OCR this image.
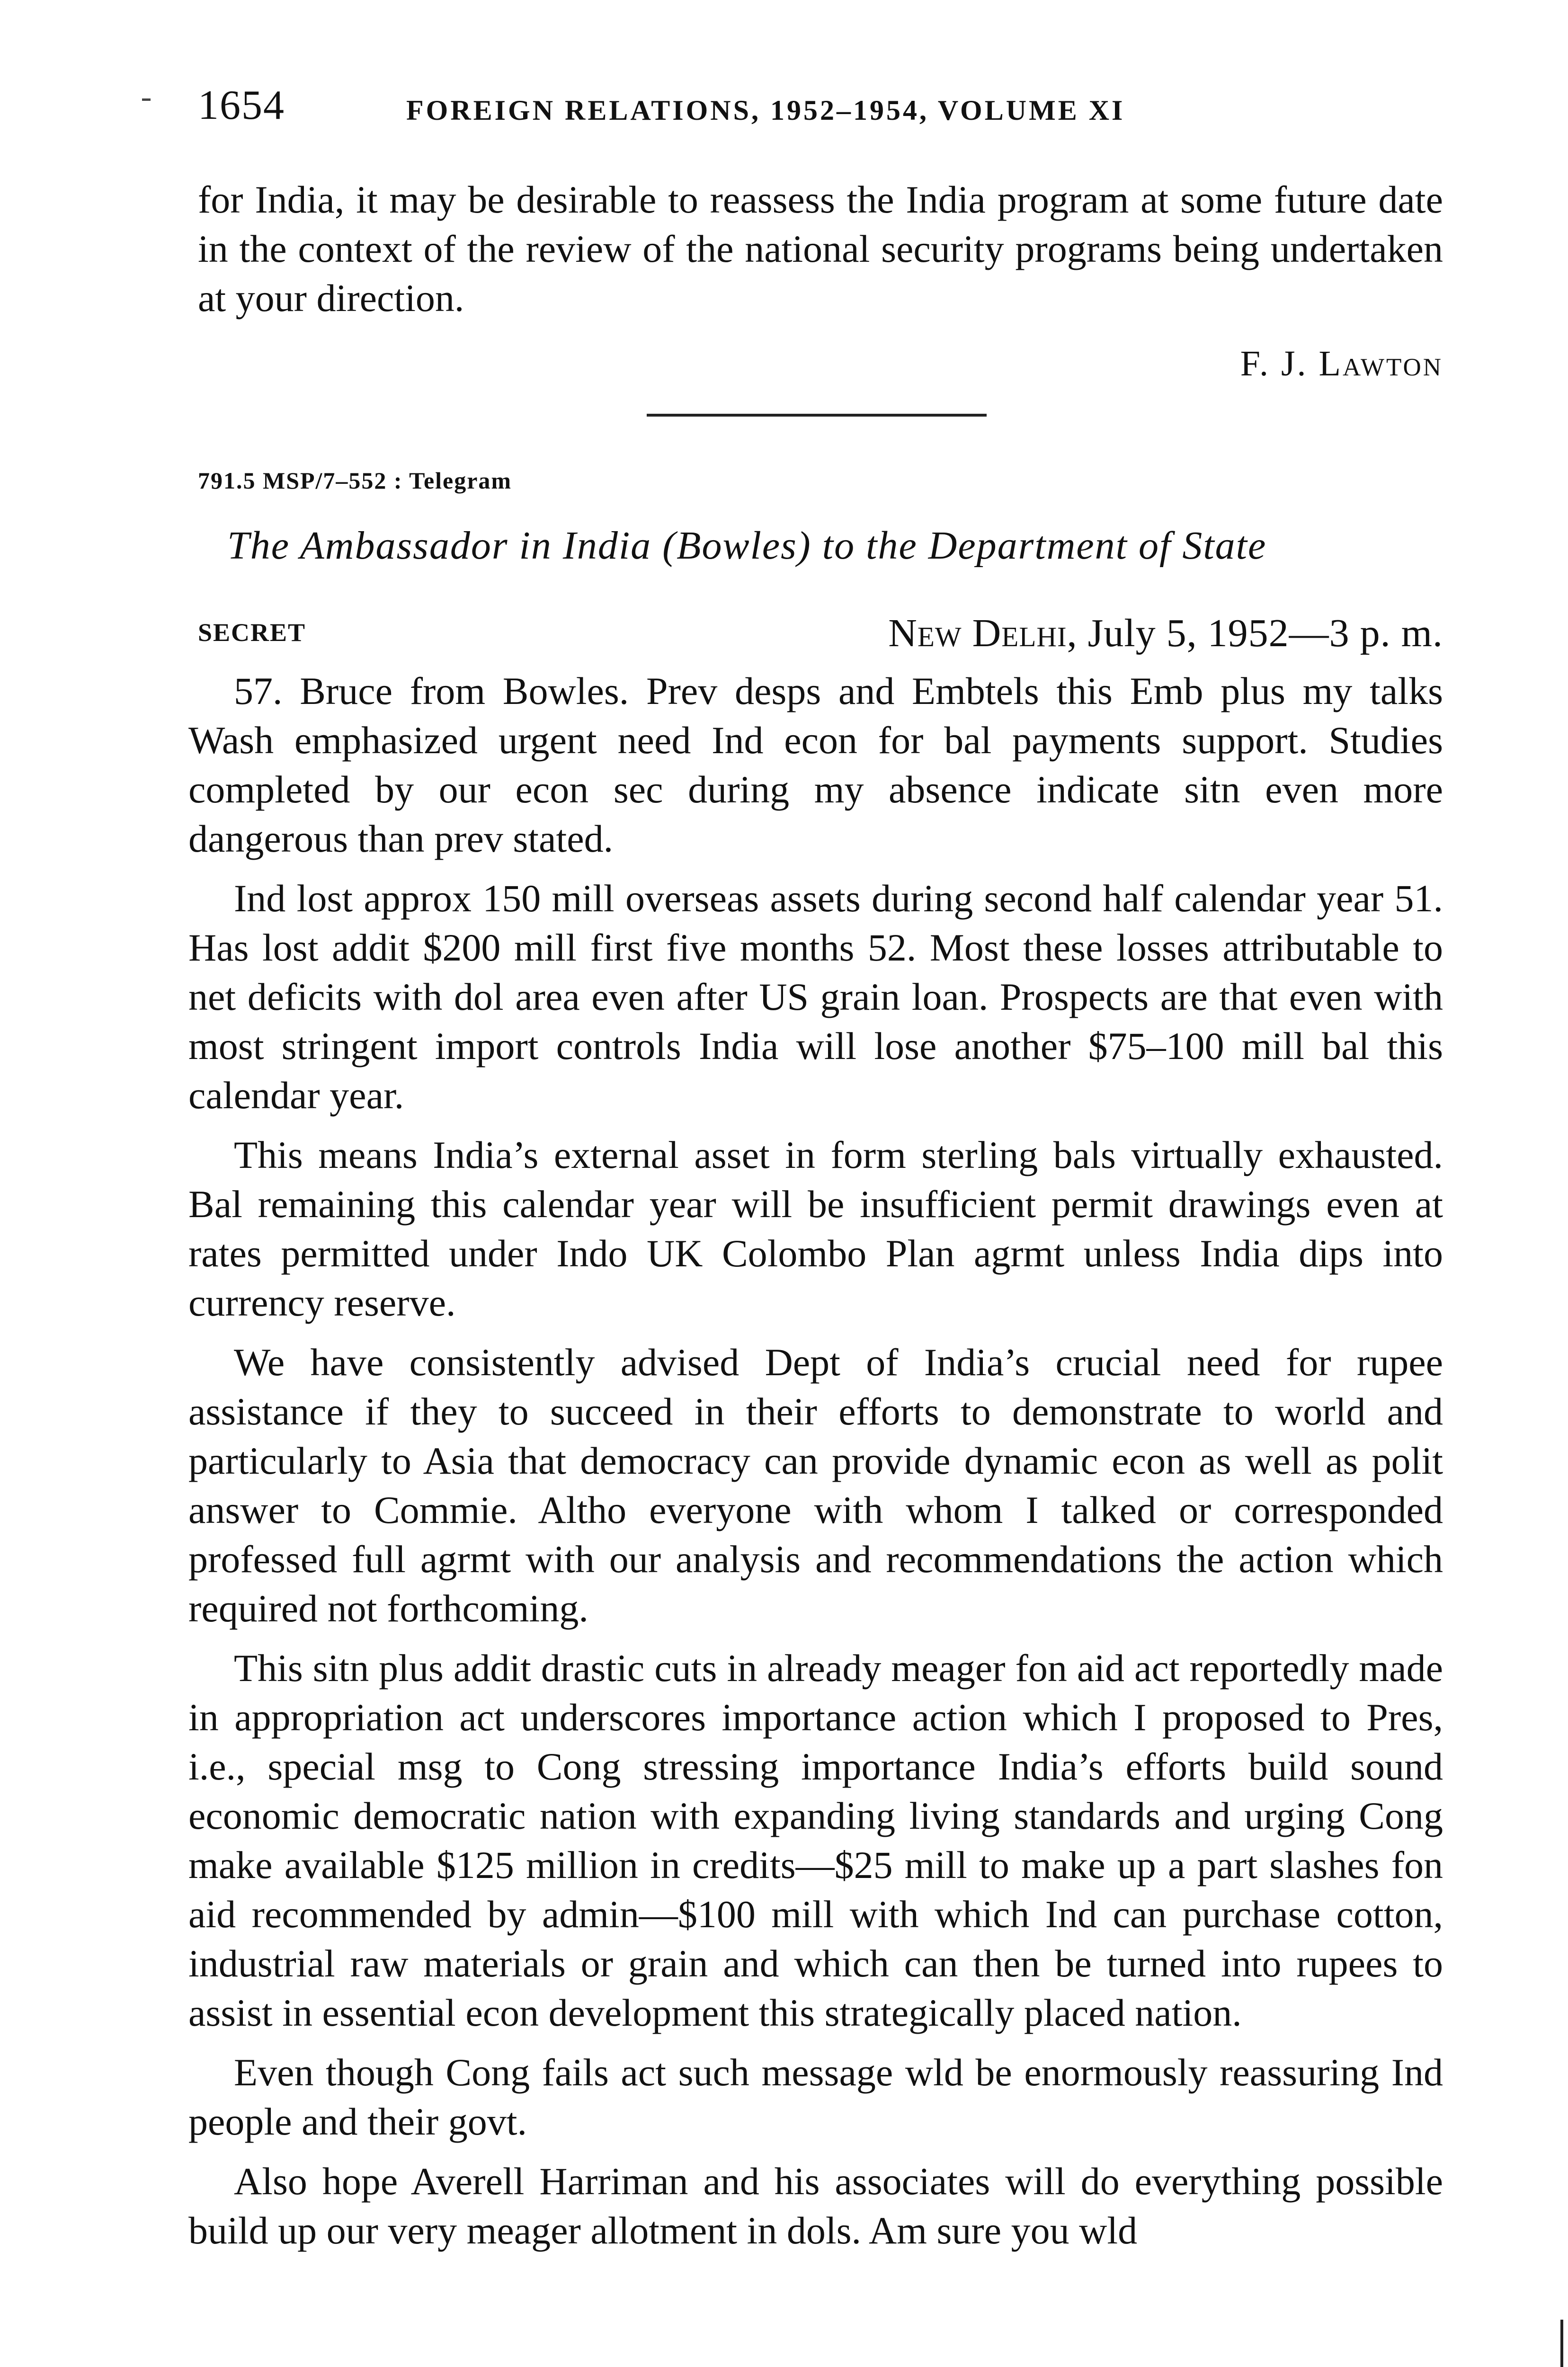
1654	FOREIGN RELATIONS, 1952–1954, VOLUME XI

for India, it may be desirable to reassess the India program at some future date in the context of the review of the national security programs being undertaken at your direction.

F. J. Lawton
791.5 MSP/7–552 : Telegram
The Ambassador in India (Bowles) to the Department of State
SECRET	New Delhi, July 5, 1952—3 p. m.

57. Bruce from Bowles. Prev desps and Embtels this Emb plus my talks Wash emphasized urgent need Ind econ for bal payments support. Studies completed by our econ sec during my absence indicate sitn even more dangerous than prev stated.

Ind lost approx 150 mill overseas assets during second half calendar year 51. Has lost addit $200 mill first five months 52. Most these losses attributable to net deficits with dol area even after US grain loan. Prospects are that even with most stringent import controls India will lose another $75–100 mill bal this calendar year.

This means India’s external asset in form sterling bals virtually exhausted. Bal remaining this calendar year will be insufficient permit drawings even at rates permitted under Indo UK Colombo Plan agrmt unless India dips into currency reserve.

We have consistently advised Dept of India’s crucial need for rupee assistance if they to succeed in their efforts to demonstrate to world and particularly to Asia that democracy can provide dynamic econ as well as polit answer to Commie. Altho everyone with whom I talked or corresponded professed full agrmt with our analysis and recommendations the action which required not forthcoming.

This sitn plus addit drastic cuts in already meager fon aid act reportedly made in appropriation act underscores importance action which I proposed to Pres, i.e., special msg to Cong stressing importance India’s efforts build sound economic democratic nation with expanding living standards and urging Cong make available $125 million in credits—$25 mill to make up a part slashes fon aid recommended by admin—$100 mill with which Ind can purchase cotton, industrial raw materials or grain and which can then be turned into rupees to assist in essential econ development this strategically placed nation.

Even though Cong fails act such message wld be enormously reassuring Ind people and their govt.

Also hope Averell Harriman and his associates will do everything possible build up our very meager allotment in dols. Am sure you wld
